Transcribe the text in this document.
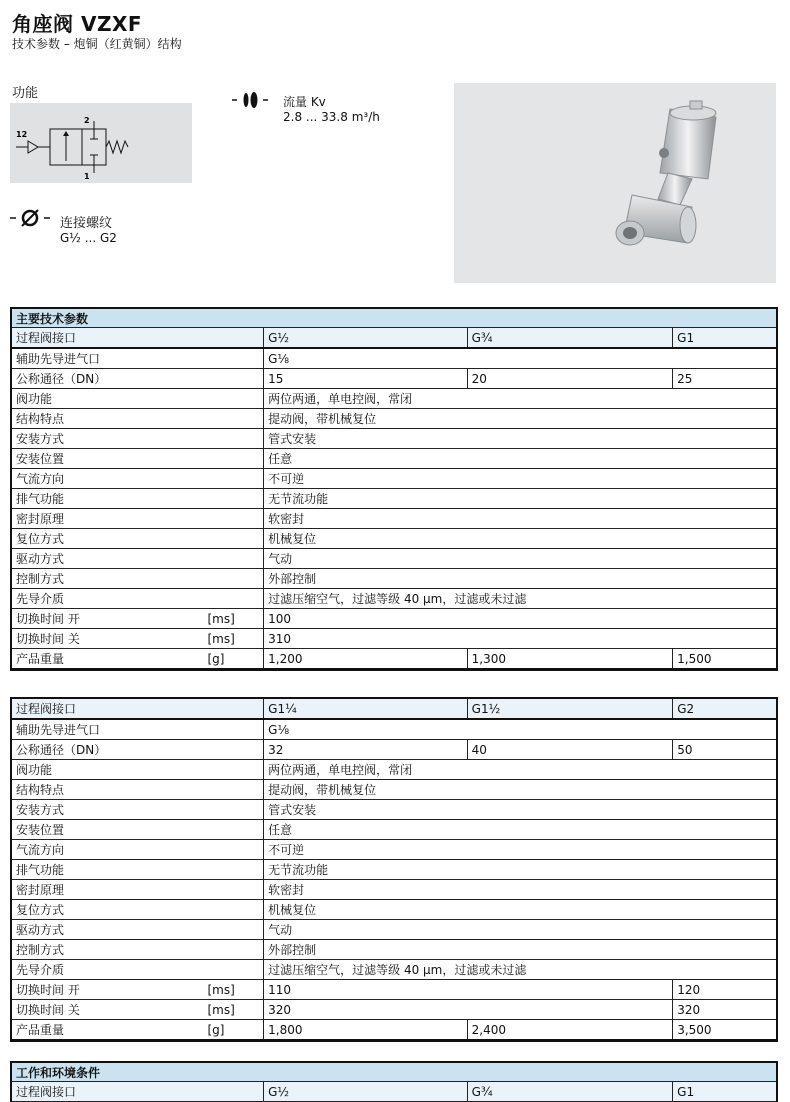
角座阀 VZXF
技术参数 – 炮铜（红黄铜）结构
功能
12
2
1
流量 Kv
2.8 ... 33.8 m³/h
连接螺纹
G½ ... G2
主要技术参数				
过程阀接口		G½	G¾	G1
辅助先导进气口		G⅛		
公称通径（DN）		15	20	25
阀功能		两位两通，单电控阀，常闭		
结构特点		提动阀，带机械复位		
安装方式		管式安装		
安装位置		任意		
气流方向		不可逆		
排气功能		无节流功能		
密封原理		软密封		
复位方式		机械复位		
驱动方式		气动		
控制方式		外部控制		
先导介质		过滤压缩空气，过滤等级 40 μm，过滤或未过滤		
切换时间 开	[ms]	100		
切换时间 关	[ms]	310		
产品重量	[g]	1,200	1,300	1,500
过程阀接口		G1¼	G1½	G2
辅助先导进气口		G⅛		
公称通径（DN）		32	40	50
阀功能		两位两通，单电控阀，常闭		
结构特点		提动阀，带机械复位		
安装方式		管式安装		
安装位置		任意		
气流方向		不可逆		
排气功能		无节流功能		
密封原理		软密封		
复位方式		机械复位		
驱动方式		气动		
控制方式		外部控制		
先导介质		过滤压缩空气，过滤等级 40 μm，过滤或未过滤		
切换时间 开	[ms]	110		120
切换时间 关	[ms]	320		320
产品重量	[g]	1,800	2,400	3,500
工作和环境条件
过程阀接口	G½	G¾	G1
